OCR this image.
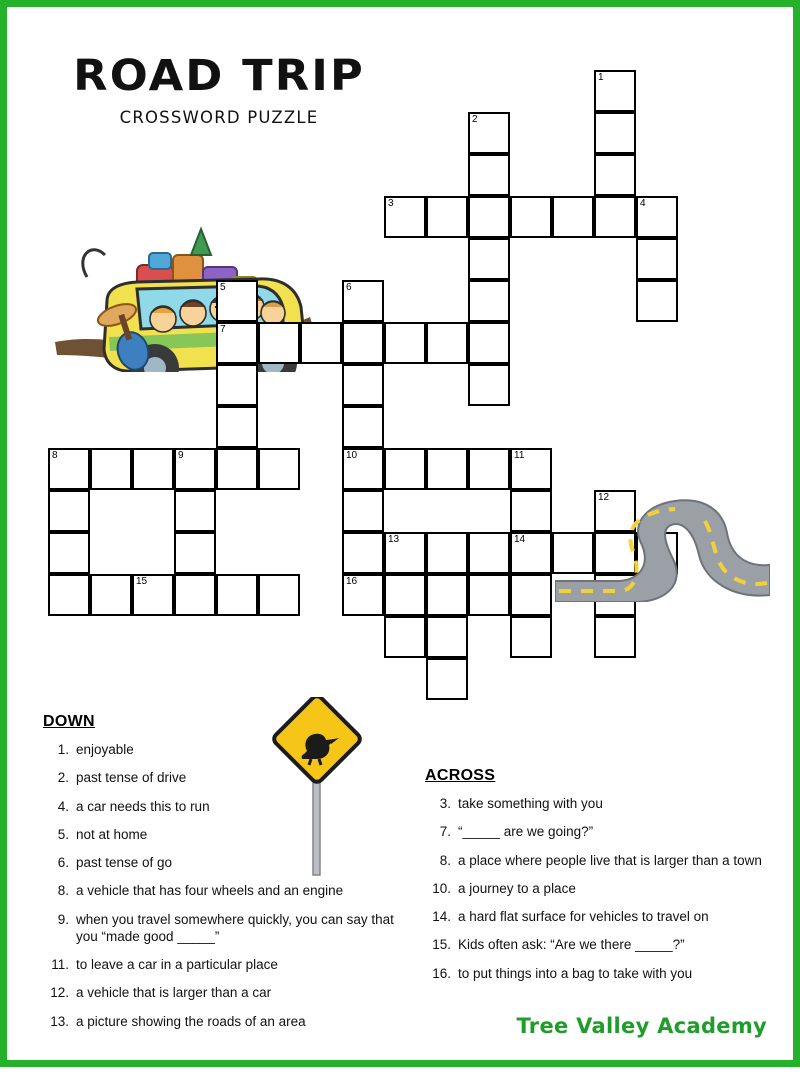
ROAD TRIP
CROSSWORD PUZZLE
1
2
3	4
5	6
7
8	9	10	11
12
13	14
15	16
DOWN
1. enjoyable
2. past tense of drive
4. a car needs this to run
5. not at home
6. past tense of go
8. a vehicle that has four wheels and an engine
9. when you travel somewhere quickly, you can say that you “made good _____”
11. to leave a car in a particular place
12. a vehicle that is larger than a car
13. a picture showing the roads of an area
ACROSS
3. take something with you
7. “_____ are we going?”
8. a place where people live that is larger than a town
10. a journey to a place
14. a hard flat surface for vehicles to travel on
15. Kids often ask: “Are we there _____?”
16. to put things into a bag to take with you
Tree Valley Academy
